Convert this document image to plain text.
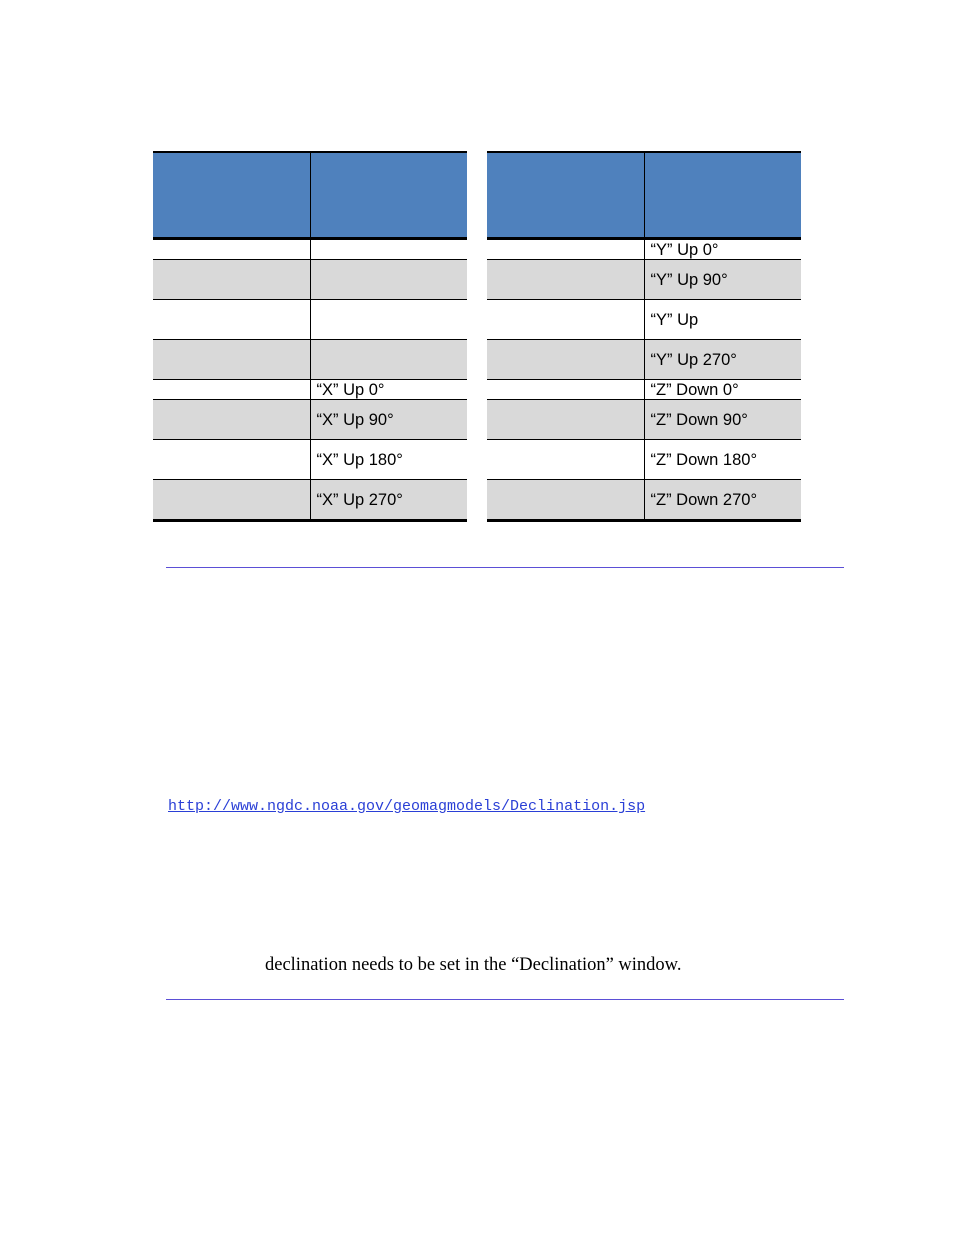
	“X” Up 0°
	“X” Up 90°
	“X” Up 180°
	“X” Up 270°

	“Y” Up 0°
	“Y” Up 90°
	“Y” Up
	“Y” Up 270°
	“Z” Down 0°
	“Z” Down 90°
	“Z” Down 180°
	“Z” Down 270°
http://www.ngdc.noaa.gov/geomagmodels/Declination.jsp
declination needs to be set in the “Declination” window.
